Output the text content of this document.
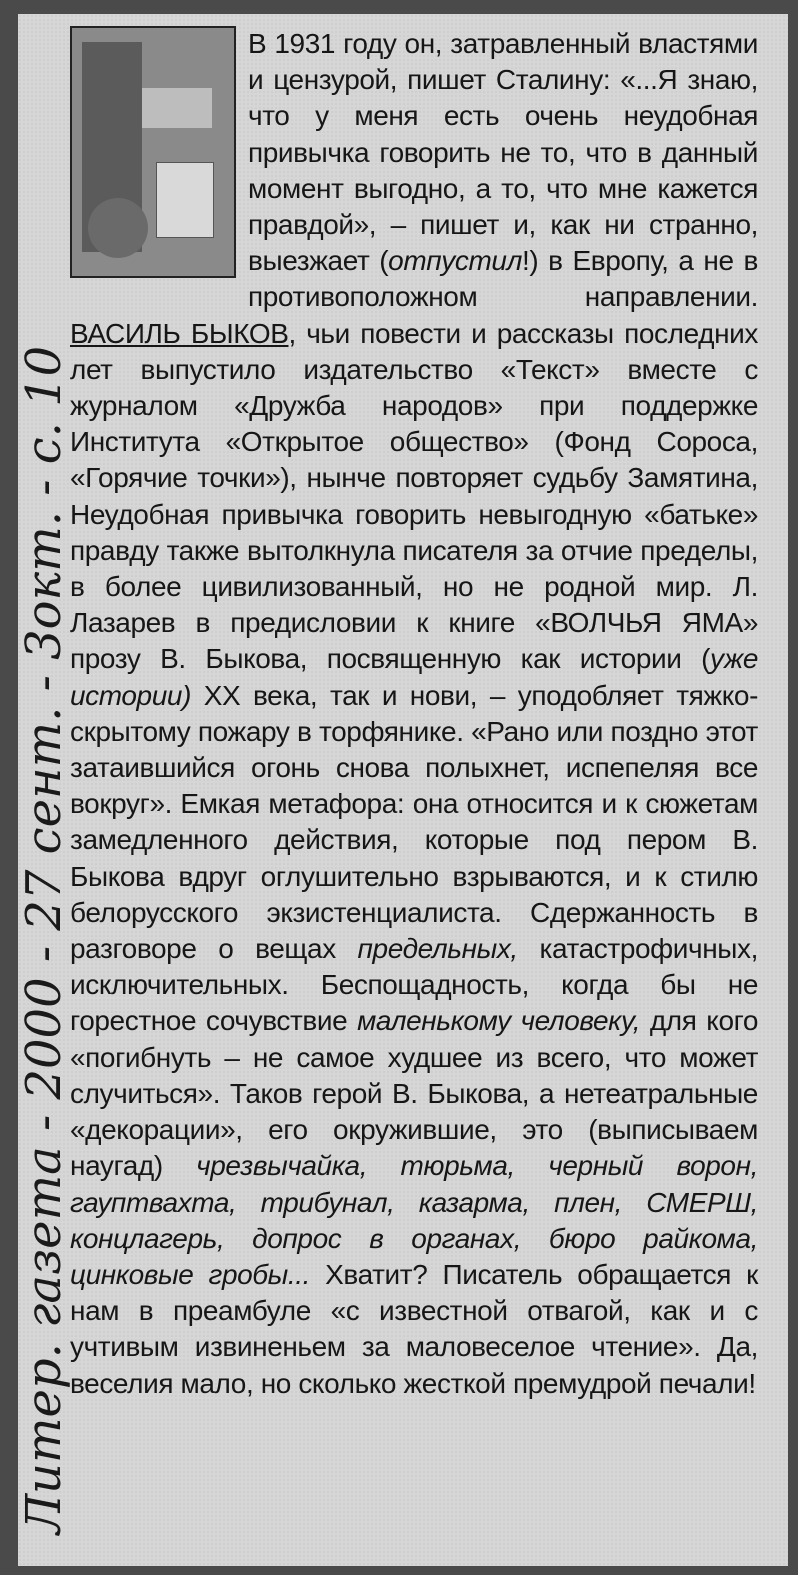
Литер. газета - 2000 - 27 сент. - 3окт. - с. 10
В 1931 году он, затравленный властями и цензурой, пишет Сталину: «...Я знаю, что у меня есть очень неудобная привычка говорить не то, что в данный момент выгодно, а то, что мне кажется правдой», – пишет и, как ни странно, выезжает (отпустил!) в Европу, а не в противоположном направлении. ВАСИЛЬ БЫКОВ, чьи повести и рассказы последних лет выпустило издательство «Текст» вместе с журналом «Дружба народов» при поддержке Института «Открытое общество» (Фонд Сороса, «Горячие точки»), нынче повторяет судьбу Замятина, Неудобная привычка говорить невыгодную «батьке» правду также вытолкнула писателя за отчие пределы, в более цивилизованный, но не родной мир. Л. Лазарев в предисловии к книге «ВОЛЧЬЯ ЯМА» прозу В. Быкова, посвященную как истории (уже истории) XX века, так и нови, – уподобляет тяжко-скрытому пожару в торфянике. «Рано или поздно этот затаившийся огонь снова полыхнет, испепеляя все вокруг». Емкая метафора: она относится и к сюжетам замедленного действия, которые под пером В. Быкова вдруг оглушительно взрываются, и к стилю белорусского экзистенциалиста. Сдержанность в разговоре о вещах предельных, катастрофичных, исключительных. Беспощадность, когда бы не горестное сочувствие маленькому человеку, для кого «погибнуть – не самое худшее из всего, что может случиться». Таков герой В. Быкова, а нетеатральные «декорации», его окружившие, это (выписываем наугад) чрезвычайка, тюрьма, черный ворон, гауптвахта, трибунал, казарма, плен, СМЕРШ, концлагерь, допрос в органах, бюро райкома, цинковые гробы... Хватит? Писатель обращается к нам в преамбуле «с известной отвагой, как и с учтивым извиненьем за маловеселое чтение». Да, веселия мало, но сколько жесткой премудрой печали!
